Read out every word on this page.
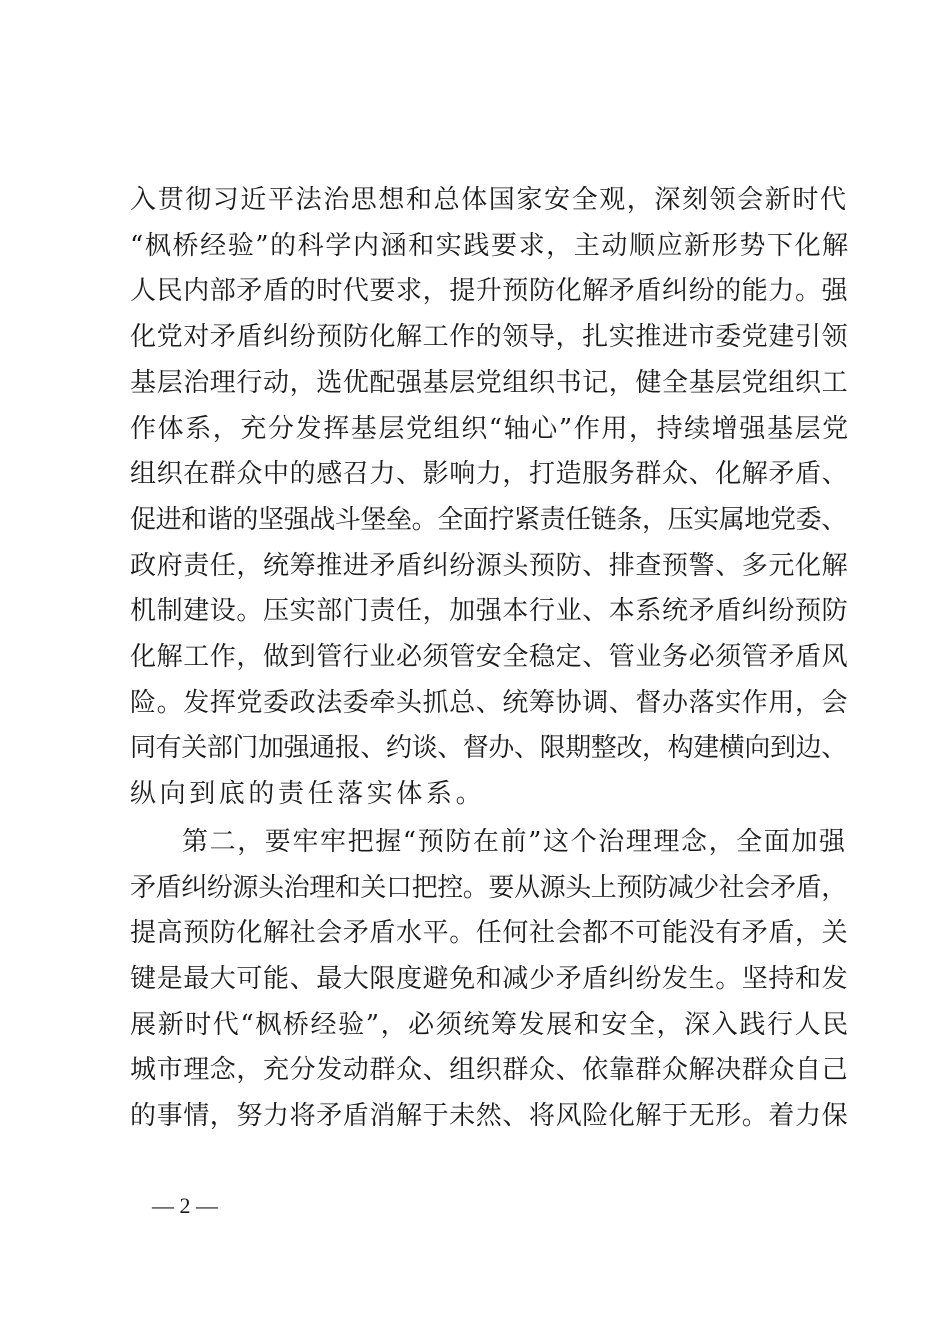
入贯彻习近平法治思想和总体国家安全观，深刻领会新时代
“枫桥经验”的科学内涵和实践要求，主动顺应新形势下化解
人民内部矛盾的时代要求，提升预防化解矛盾纠纷的能力。强
化党对矛盾纠纷预防化解工作的领导，扎实推进市委党建引领
基层治理行动，选优配强基层党组织书记，健全基层党组织工
作体系，充分发挥基层党组织“轴心”作用，持续增强基层党
组织在群众中的感召力、影响力，打造服务群众、化解矛盾、
促进和谐的坚强战斗堡垒。全面拧紧责任链条，压实属地党委、
政府责任，统筹推进矛盾纠纷源头预防、排查预警、多元化解
机制建设。压实部门责任，加强本行业、本系统矛盾纠纷预防
化解工作，做到管行业必须管安全稳定、管业务必须管矛盾风
险。发挥党委政法委牵头抓总、统筹协调、督办落实作用，会
同有关部门加强通报、约谈、督办、限期整改，构建横向到边、
纵向到底的责任落实体系。
第二，要牢牢把握“预防在前”这个治理理念，全面加强
矛盾纠纷源头治理和关口把控。要从源头上预防减少社会矛盾，
提高预防化解社会矛盾水平。任何社会都不可能没有矛盾，关
键是最大可能、最大限度避免和减少矛盾纠纷发生。坚持和发
展新时代“枫桥经验”，必须统筹发展和安全，深入践行人民
城市理念，充分发动群众、组织群众、依靠群众解决群众自己
的事情，努力将矛盾消解于未然、将风险化解于无形。着力保
— 2 —
